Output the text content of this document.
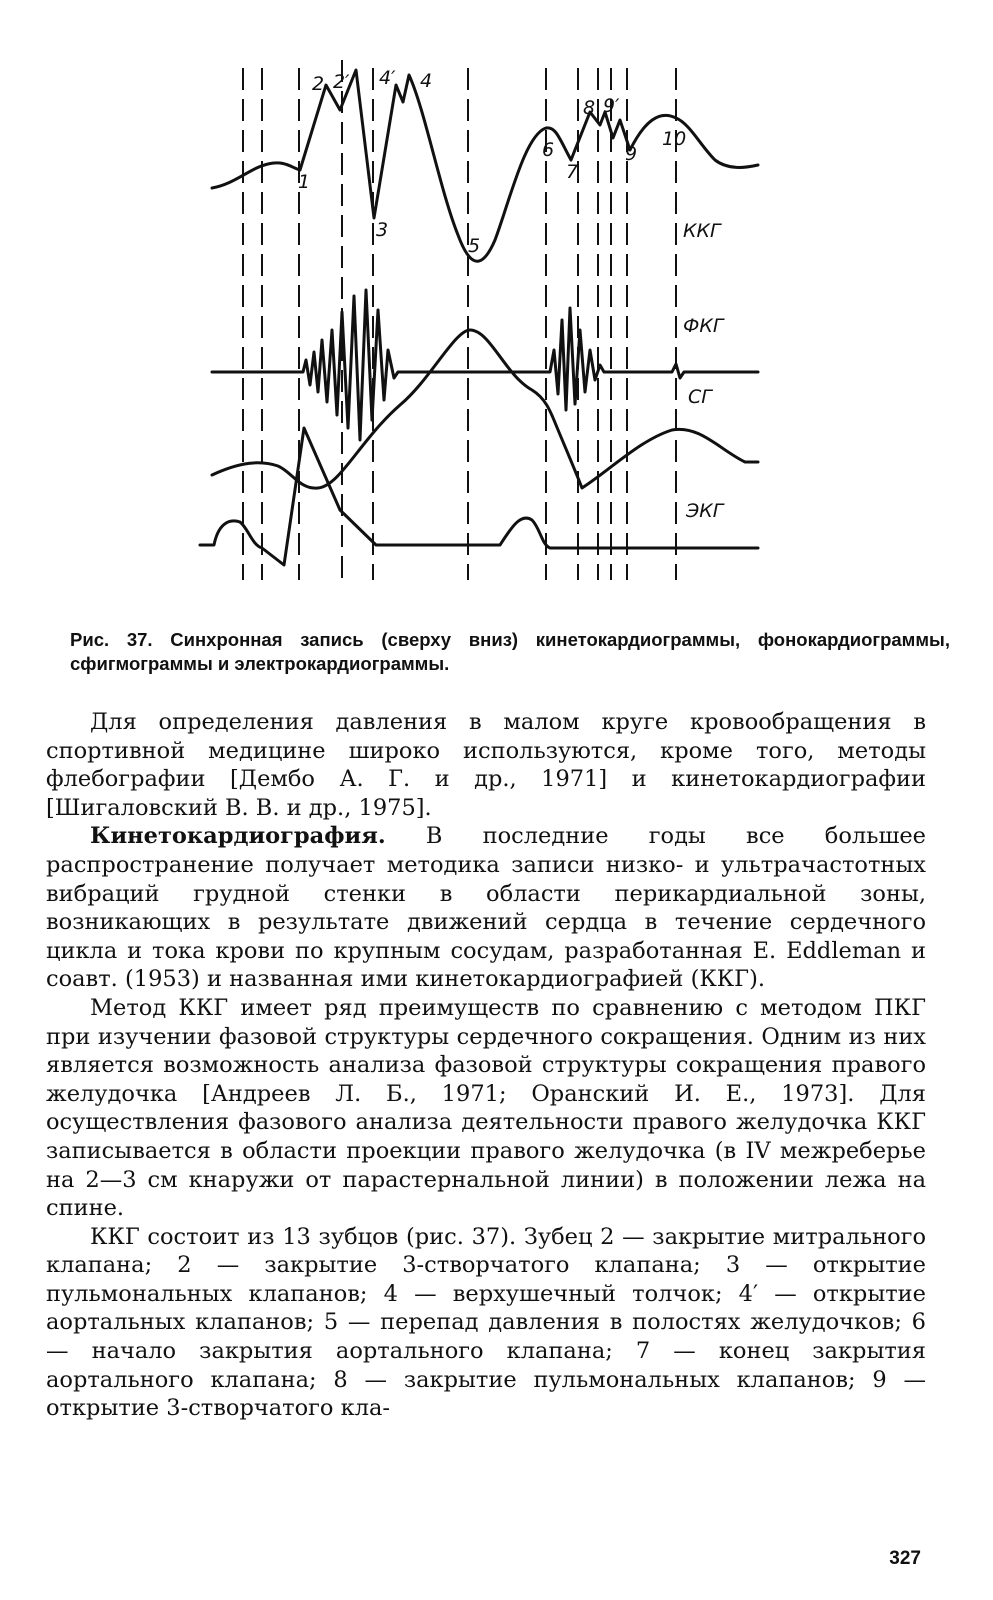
ККГ
ФКГ
СГ
ЭКГ
1
2 2′
3
4′ 4
5
6
7
8 9′
9
10
Рис. 37. Синхронная запись (сверху вниз) кинетокардиограммы, фонокардиограммы, сфигмограммы и электрокардиограммы.

Для определения давления в малом круге кровообращения в спортивной медицине широко используются, кроме того, методы флебографии [Дембо А. Г. и др., 1971] и кинетокардиографии [Шигаловский В. В. и др., 1975].

Кинетокардиография. В последние годы все большее распространение получает методика записи низко- и ультрачастотных вибраций грудной стенки в области перикардиальной зоны, возникающих в результате движений сердца в течение сердечного цикла и тока крови по крупным сосудам, разработанная E. Eddleman и соавт. (1953) и названная ими кинетокардиографией (ККГ).

Метод ККГ имеет ряд преимуществ по сравнению с методом ПКГ при изучении фазовой структуры сердечного сокращения. Одним из них является возможность анализа фазовой структуры сокращения правого желудочка [Андреев Л. Б., 1971; Оранский И. Е., 1973]. Для осуществления фазового анализа деятельности правого желудочка ККГ записывается в области проекции правого желудочка (в IV межреберье на 2—3 см кнаружи от парастернальной линии) в положении лежа на спине.

ККГ состоит из 13 зубцов (рис. 37). Зубец 2 — закрытие митрального клапана; 2 — закрытие 3-створчатого клапана; 3 — открытие пульмональных клапанов; 4 — верхушечный толчок; 4′ — открытие аортальных клапанов; 5 — перепад давления в полостях желудочков; 6 — начало закрытия аортального клапана; 7 — конец закрытия аортального клапана; 8 — закрытие пульмональных клапанов; 9 — открытие 3-створчатого кла-

327
